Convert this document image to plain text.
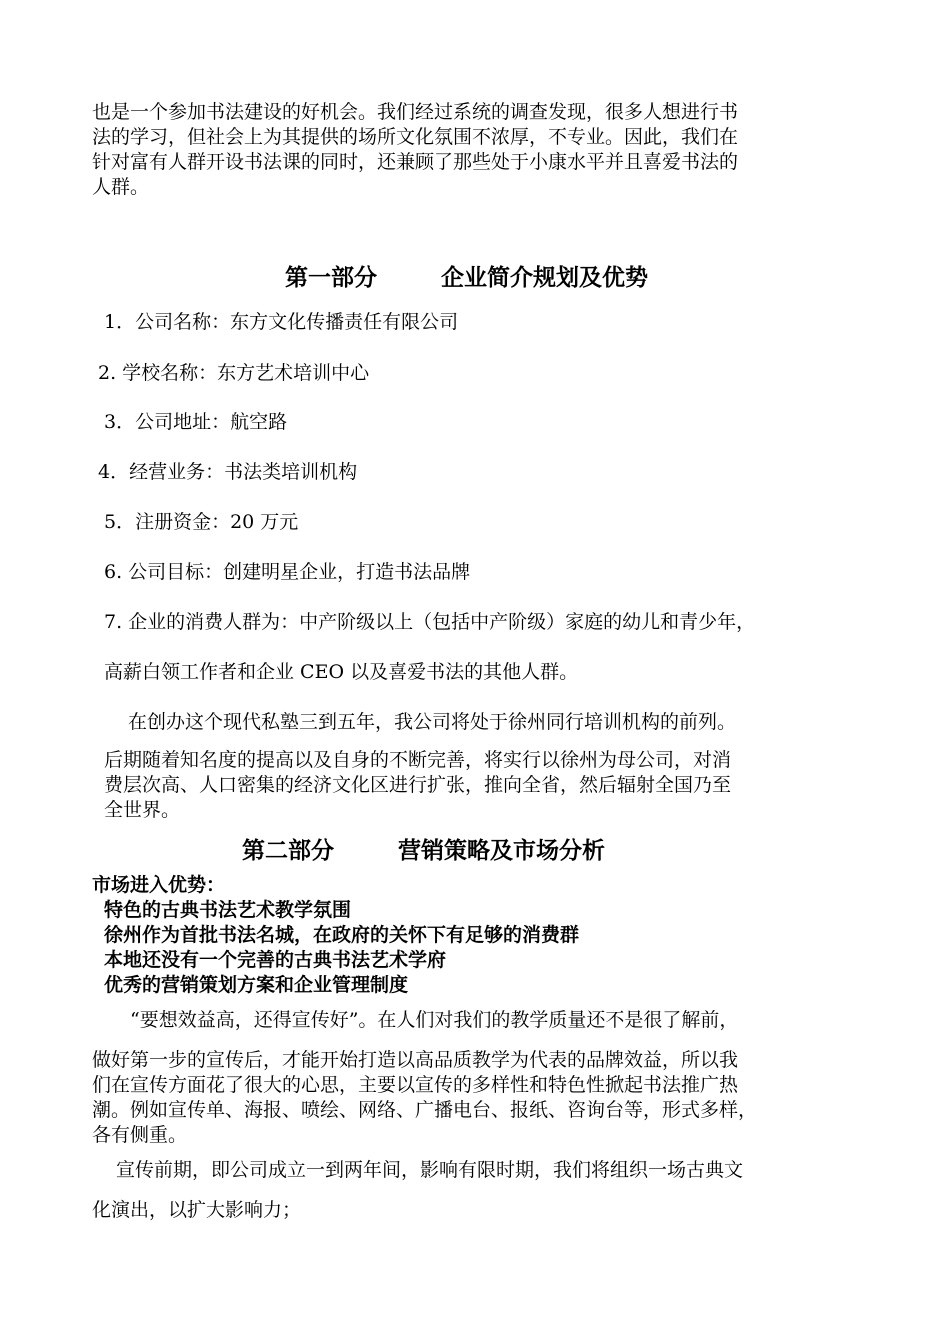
也是一个参加书法建设的好机会。我们经过系统的调查发现，很多人想进行书
法的学习，但社会上为其提供的场所文化氛围不浓厚，不专业。因此，我们在
针对富有人群开设书法课的同时，还兼顾了那些处于小康水平并且喜爱书法的
人群。
第一部分        企业简介规划及优势
1．公司名称：东方文化传播责任有限公司
2. 学校名称：东方艺术培训中心
3．公司地址：航空路
4．经营业务：书法类培训机构
5．注册资金：20 万元
6. 公司目标：创建明星企业，打造书法品牌
7. 企业的消费人群为：中产阶级以上（包括中产阶级）家庭的幼儿和青少年，
高薪白领工作者和企业 CEO 以及喜爱书法的其他人群。
在创办这个现代私塾三到五年，我公司将处于徐州同行培训机构的前列。
后期随着知名度的提高以及自身的不断完善，将实行以徐州为母公司，对消
费层次高、人口密集的经济文化区进行扩张，推向全省，然后辐射全国乃至
全世界。
第二部分        营销策略及市场分析
市场进入优势：
特色的古典书法艺术教学氛围
徐州作为首批书法名城，在政府的关怀下有足够的消费群
本地还没有一个完善的古典书法艺术学府
优秀的营销策划方案和企业管理制度
“要想效益高，还得宣传好”。在人们对我们的教学质量还不是很了解前，
做好第一步的宣传后，才能开始打造以高品质教学为代表的品牌效益，所以我
们在宣传方面花了很大的心思，主要以宣传的多样性和特色性掀起书法推广热
潮。例如宣传单、海报、喷绘、网络、广播电台、报纸、咨询台等，形式多样，
各有侧重。
宣传前期，即公司成立一到两年间，影响有限时期，我们将组织一场古典文
化演出，以扩大影响力；
